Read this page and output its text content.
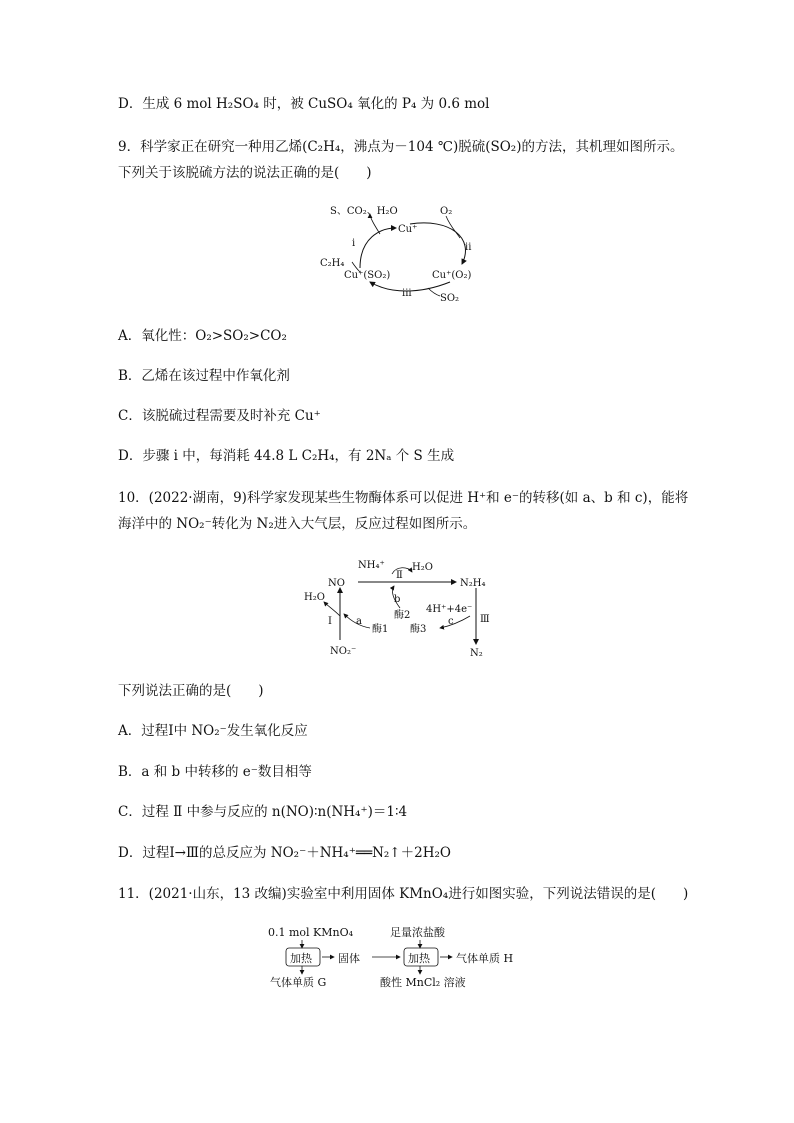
D．生成 6 mol H₂SO₄ 时，被 CuSO₄ 氧化的 P₄ 为 0.6 mol
9．科学家正在研究一种用乙烯(C₂H₄，沸点为－104 ℃)脱硫(SO₂)的方法，其机理如图所示。
下列关于该脱硫方法的说法正确的是(　　)
S、CO₂、H₂O	O₂
Cu⁺
Cu⁺(O₂)
Cu⁺(SO₂)
C₂H₄
SO₂
i	ii
iii
A．氧化性：O₂>SO₂>CO₂
B．乙烯在该过程中作氧化剂
C．该脱硫过程需要及时补充 Cu⁺
D．步骤 i 中，每消耗 44.8 L C₂H₄，有 2Nₐ 个 S 生成
10．(2022·湖南，9)科学家发现某些生物酶体系可以促进 H⁺和 e⁻的转移(如 a、b 和 c)，能将
海洋中的 NO₂⁻转化为 N₂进入大气层，反应过程如图所示。
NO
NH₄⁺	H₂O
N₂H₄
H₂O
NO₂⁻	N₂
酶1
酶2
酶3
a
b
c
4H⁺+4e⁻
Ⅰ
Ⅱ
Ⅲ
下列说法正确的是(　　)
A．过程Ⅰ中 NO₂⁻发生氧化反应
B．a 和 b 中转移的 e⁻数目相等
C．过程 Ⅱ 中参与反应的 n(NO)∶n(NH₄⁺)＝1∶4
D．过程Ⅰ→Ⅲ的总反应为 NO₂⁻＋NH₄⁺══N₂↑＋2H₂O
11．(2021·山东，13 改编)实验室中利用固体 KMnO₄进行如图实验，下列说法错误的是(　　)
0.1 mol KMnO₄	足量浓盐酸
加热 固体	加热 气体单质 H
气体单质 G	酸性 MnCl₂ 溶液
